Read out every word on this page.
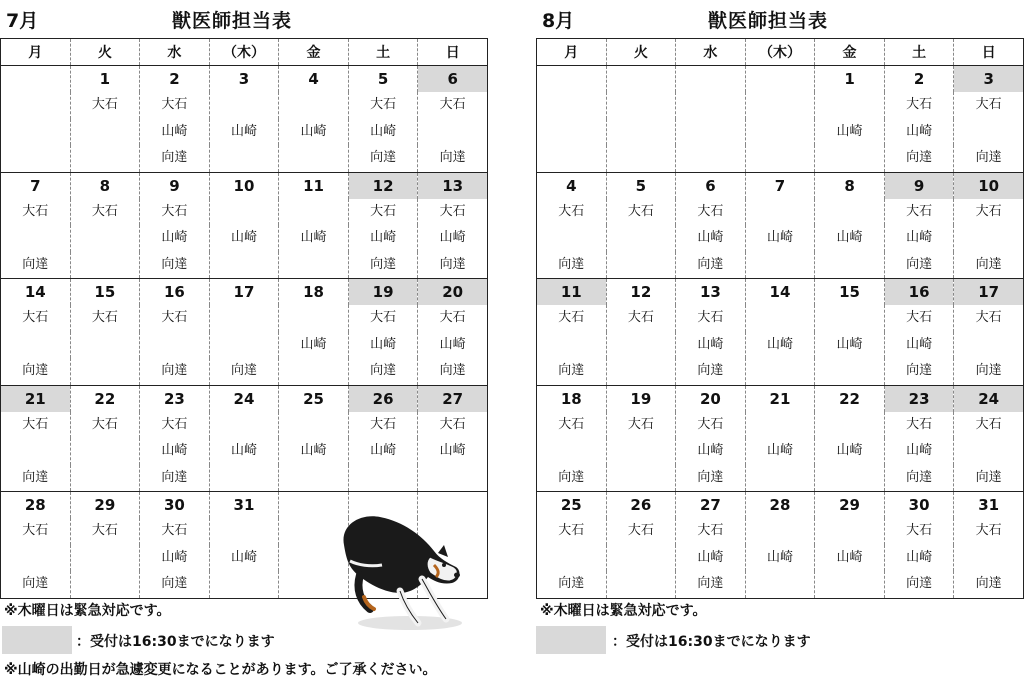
7月	獣医師担当表
月	火	水	（木）	金	土	日

	1	2	3	4	5	6

	大石	大石			大石	大石

		山崎	山崎	山崎	山崎	

		向達			向達	向達

7	8	9	10	11	12	13

大石	大石	大石			大石	大石

		山崎	山崎	山崎	山崎	山崎

向達		向達			向達	向達

14	15	16	17	18	19	20

大石	大石	大石			大石	大石

				山崎	山崎	山崎

向達		向達	向達		向達	向達

21	22	23	24	25	26	27

大石	大石	大石			大石	大石

		山崎	山崎	山崎	山崎	山崎

向達		向達				

28	29	30	31			

大石	大石	大石				

		山崎	山崎			

向達		向達				

8月	獣医師担当表
月	火	水	（木）	金	土	日

				1	2	3

					大石	大石

				山崎	山崎	

					向達	向達

4	5	6	7	8	9	10

大石	大石	大石			大石	大石

		山崎	山崎	山崎	山崎	

向達		向達			向達	向達

11	12	13	14	15	16	17

大石	大石	大石			大石	大石

		山崎	山崎	山崎	山崎	

向達		向達			向達	向達

18	19	20	21	22	23	24

大石	大石	大石			大石	大石

		山崎	山崎	山崎	山崎	

向達		向達			向達	向達

25	26	27	28	29	30	31

大石	大石	大石			大石	大石

		山崎	山崎	山崎	山崎	

向達		向達			向達	向達
※木曜日は緊急対応です。
：受付は16:30までになります
※山崎の出勤日が急遽変更になることがあります。ご了承ください。
※木曜日は緊急対応です。
：受付は16:30までになります
